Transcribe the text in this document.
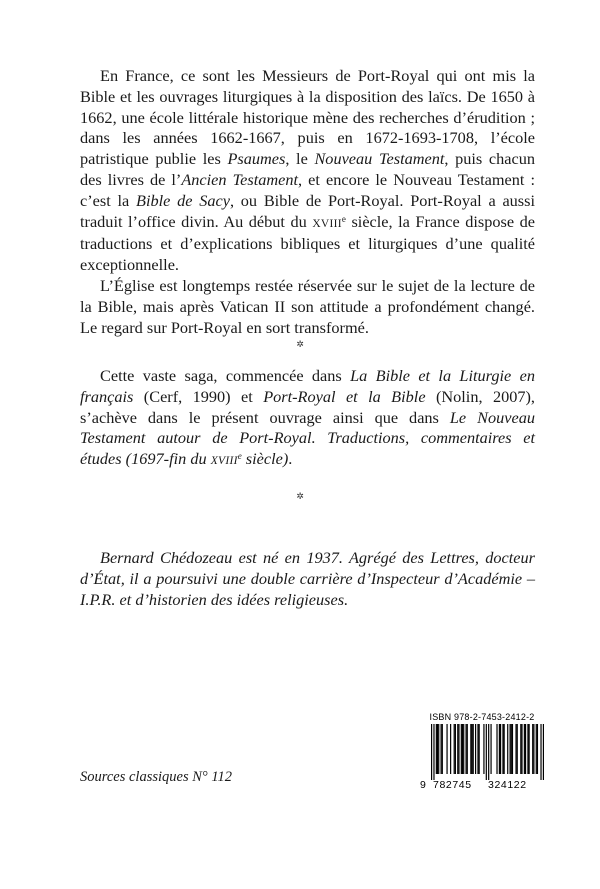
En France, ce sont les Messieurs de Port-Royal qui ont mis la Bible et les ouvrages liturgiques à la disposition des laïcs. De 1650 à 1662, une école littérale historique mène des recherches d’érudition ; dans les années 1662-1667, puis en 1672-1693-1708, l’école patristique publie les Psaumes, le Nouveau Testament, puis chacun des livres de l’Ancien Testament, et encore le Nouveau Testament : c’est la Bible de Sacy, ou Bible de Port-Royal. Port-Royal a aussi traduit l’office divin. Au début du XVIIIe siècle, la France dispose de traductions et d’explications bibliques et liturgiques d’une qualité exceptionnelle.

L’Église est longtemps restée réservée sur le sujet de la lecture de la Bible, mais après Vatican II son attitude a profondément changé. Le regard sur Port-Royal en sort transformé.

✲

Cette vaste saga, commencée dans La Bible et la Liturgie en français (Cerf, 1990) et Port-Royal et la Bible (Nolin, 2007), s’achève dans le présent ouvrage ainsi que dans Le Nouveau Testament autour de Port-Royal. Traductions, commentaires et études (1697-fin du XVIIIe siècle).

✲

Bernard Chédozeau est né en 1937. Agrégé des Lettres, docteur d’État, il a poursuivi une double carrière d’Inspecteur d’Académie – I.P.R. et d’historien des idées religieuses.

Sources classiques N° 112
ISBN 978-2-7453-2412-2
9 782745 324122
